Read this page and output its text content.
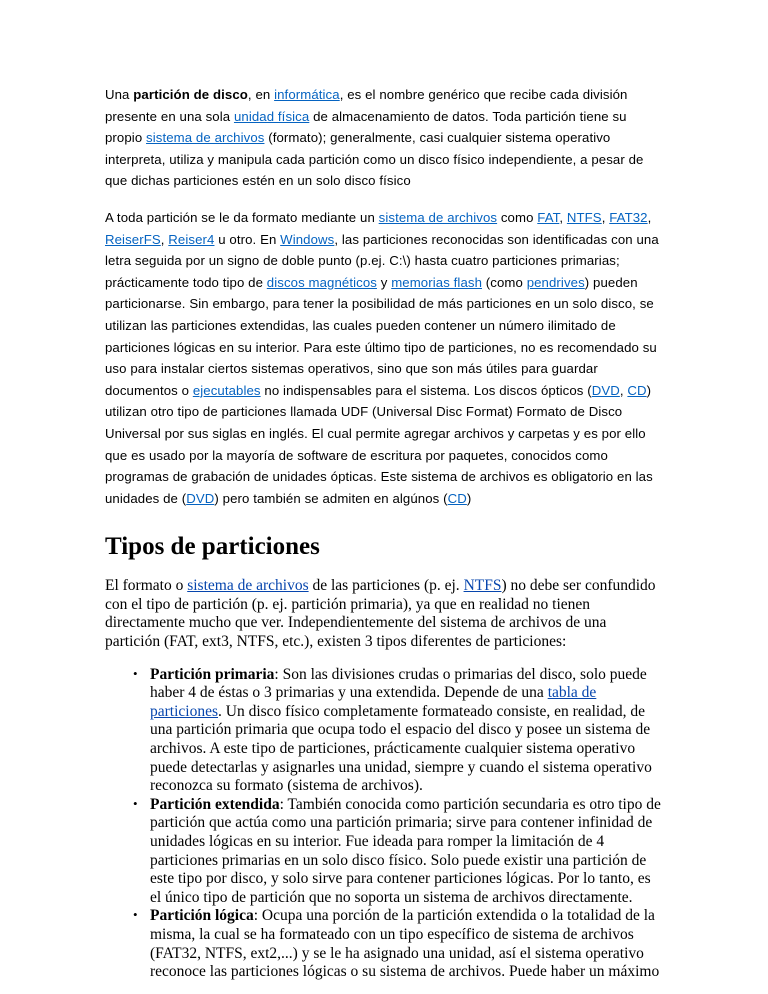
Una partición de disco, en informática, es el nombre genérico que recibe cada división presente en una sola unidad física de almacenamiento de datos. Toda partición tiene su propio sistema de archivos (formato); generalmente, casi cualquier sistema operativo interpreta, utiliza y manipula cada partición como un disco físico independiente, a pesar de que dichas particiones estén en un solo disco físico

A toda partición se le da formato mediante un sistema de archivos como FAT, NTFS, FAT32, ReiserFS, Reiser4 u otro. En Windows, las particiones reconocidas son identificadas con una letra seguida por un signo de doble punto (p.ej. C:\) hasta cuatro particiones primarias; prácticamente todo tipo de discos magnéticos y memorias flash (como pendrives) pueden particionarse. Sin embargo, para tener la posibilidad de más particiones en un solo disco, se utilizan las particiones extendidas, las cuales pueden contener un número ilimitado de particiones lógicas en su interior. Para este último tipo de particiones, no es recomendado su uso para instalar ciertos sistemas operativos, sino que son más útiles para guardar documentos o ejecutables no indispensables para el sistema. Los discos ópticos (DVD, CD) utilizan otro tipo de particiones llamada UDF (Universal Disc Format) Formato de Disco Universal por sus siglas en inglés. El cual permite agregar archivos y carpetas y es por ello que es usado por la mayoría de software de escritura por paquetes, conocidos como programas de grabación de unidades ópticas. Este sistema de archivos es obligatorio en las unidades de (DVD) pero también se admiten en algúnos (CD)

Tipos de particiones

El formato o sistema de archivos de las particiones (p. ej. NTFS) no debe ser confundido con el tipo de partición (p. ej. partición primaria), ya que en realidad no tienen directamente mucho que ver. Independientemente del sistema de archivos de una partición (FAT, ext3, NTFS, etc.), existen 3 tipos diferentes de particiones:

• Partición primaria: Son las divisiones crudas o primarias del disco, solo puede haber 4 de éstas o 3 primarias y una extendida. Depende de una tabla de particiones. Un disco físico completamente formateado consiste, en realidad, de una partición primaria que ocupa todo el espacio del disco y posee un sistema de archivos. A este tipo de particiones, prácticamente cualquier sistema operativo puede detectarlas y asignarles una unidad, siempre y cuando el sistema operativo reconozca su formato (sistema de archivos).
• Partición extendida: También conocida como partición secundaria es otro tipo de partición que actúa como una partición primaria; sirve para contener infinidad de unidades lógicas en su interior. Fue ideada para romper la limitación de 4 particiones primarias en un solo disco físico. Solo puede existir una partición de este tipo por disco, y solo sirve para contener particiones lógicas. Por lo tanto, es el único tipo de partición que no soporta un sistema de archivos directamente.
• Partición lógica: Ocupa una porción de la partición extendida o la totalidad de la misma, la cual se ha formateado con un tipo específico de sistema de archivos (FAT32, NTFS, ext2,...) y se le ha asignado una unidad, así el sistema operativo reconoce las particiones lógicas o su sistema de archivos. Puede haber un máximo
